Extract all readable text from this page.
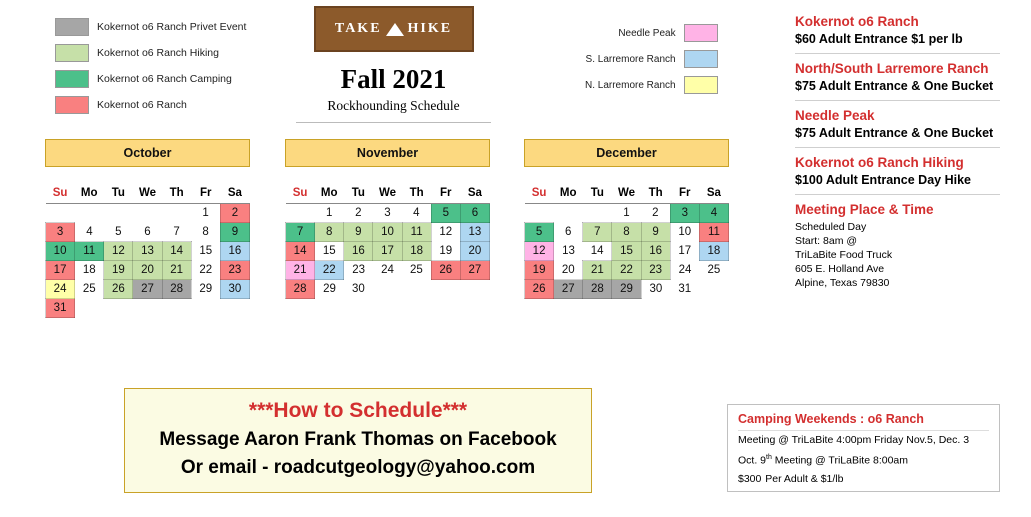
Kokernot o6 Ranch Privet Event
Kokernot o6 Ranch Hiking
Kokernot o6 Ranch Camping
Kokernot o6 Ranch
TAKE HIKE
Fall 2021
Rockhounding Schedule
Needle Peak
S. Larremore Ranch
N. Larremore Ranch
Kokernot o6 Ranch
$60 Adult Entrance $1 per lb
North/South Larremore Ranch
$75 Adult Entrance & One Bucket
Needle Peak
$75 Adult Entrance & One Bucket
Kokernot o6 Ranch Hiking
$100 Adult Entrance Day Hike
Meeting Place & Time
Scheduled Day
Start: 8am @
TriLaBite Food Truck
605 E. Holland Ave
Alpine, Texas 79830
October
Su	Mo	Tu	We	Th	Fr	Sa
					1	2
3	4	5	6	7	8	9
10	11	12	13	14	15	16
17	18	19	20	21	22	23
24	25	26	27	28	29	30
31						
November
Su	Mo	Tu	We	Th	Fr	Sa
	1	2	3	4	5	6
7	8	9	10	11	12	13
14	15	16	17	18	19	20
21	22	23	24	25	26	27
28	29	30				
December
Su	Mo	Tu	We	Th	Fr	Sa
			1	2	3	4
5	6	7	8	9	10	11
12	13	14	15	16	17	18
19	20	21	22	23	24	25
26	27	28	29	30	31	
***How to Schedule***
Message Aaron Frank Thomas on Facebook
Or email - roadcutgeology@yahoo.com
Camping Weekends : o6 Ranch
Meeting @ TriLaBite 4:00pm Friday Nov.5, Dec. 3
Oct. 9th Meeting @ TriLaBite 8:00am
$300 Per Adult & $1/lb
